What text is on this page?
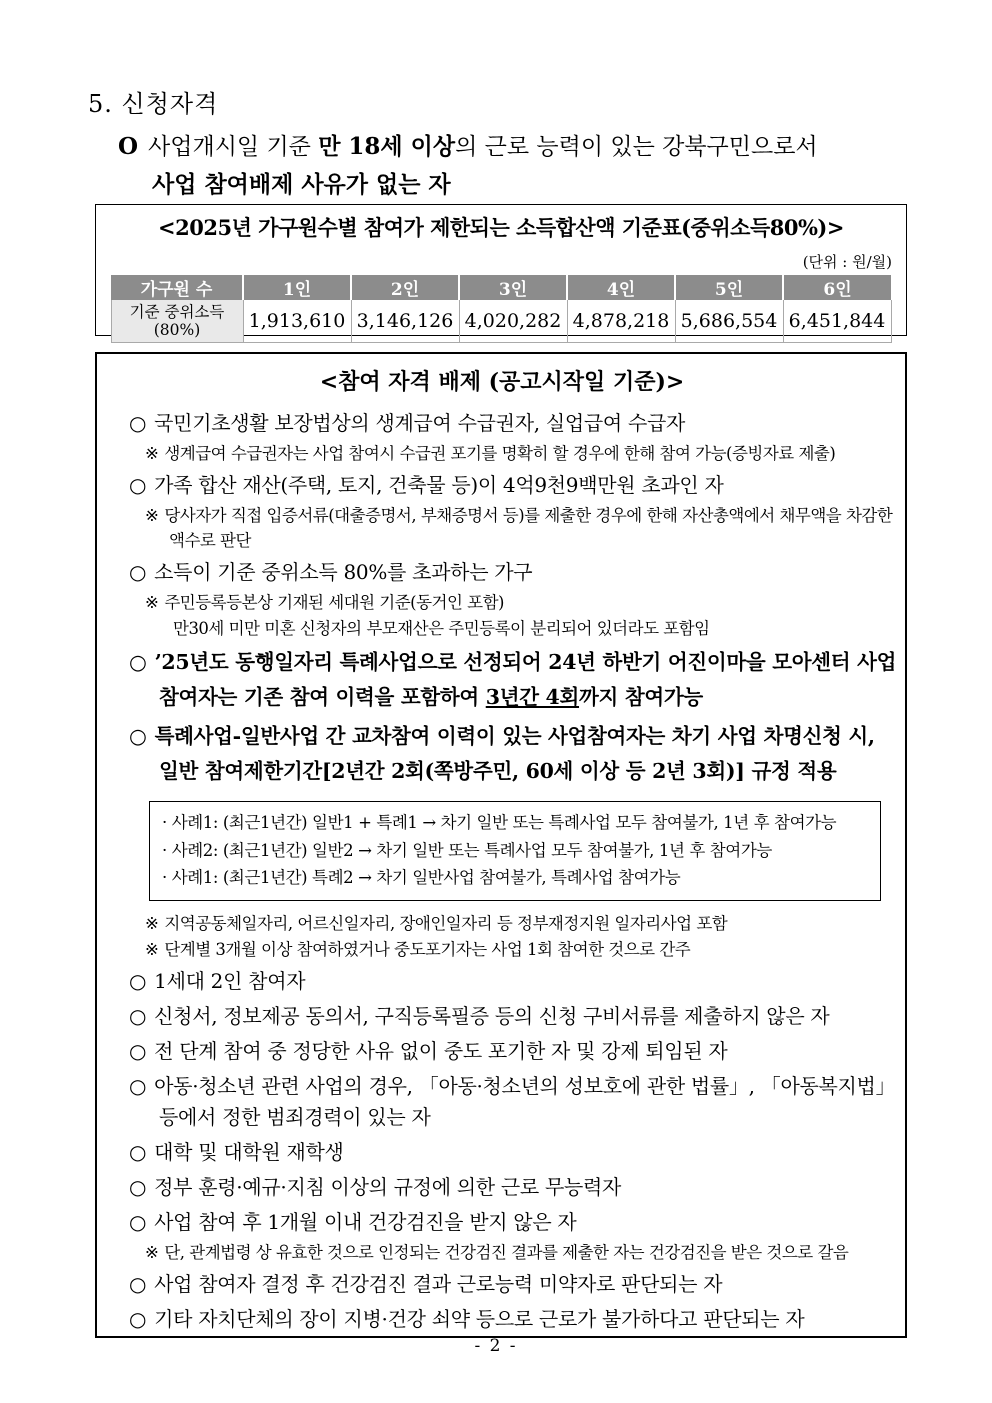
5. 신청자격
O 사업개시일 기준 만 18세 이상의 근로 능력이 있는 강북구민으로서
사업 참여배제 사유가 없는 자
<2025년 가구원수별 참여가 제한되는 소득합산액 기준표(중위소득80%)>
(단위 : 원/월)
가구원 수	1인	2인	3인	4인	5인	6인
기준 중위소득
(80%)	1,913,610	3,146,126	4,020,282	4,878,218	5,686,554	6,451,844
<참여 자격 배제 (공고시작일 기준)>
○ 국민기초생활 보장법상의 생계급여 수급권자, 실업급여 수급자
※ 생계급여 수급권자는 사업 참여시 수급권 포기를 명확히 할 경우에 한해 참여 가능(증빙자료 제출)
○ 가족 합산 재산(주택, 토지, 건축물 등)이 4억9천9백만원 초과인 자
※ 당사자가 직접 입증서류(대출증명서, 부채증명서 등)를 제출한 경우에 한해 자산총액에서 채무액을 차감한 액수로 판단
○ 소득이 기준 중위소득 80%를 초과하는 가구
※ 주민등록등본상 기재된 세대원 기준(동거인 포함)
만30세 미만 미혼 신청자의 부모재산은 주민등록이 분리되어 있더라도 포함임
○ ’25년도 동행일자리 특례사업으로 선정되어 24년 하반기 어진이마을 모아센터 사업 참여자는 기존 참여 이력을 포함하여 3년간 4회까지 참여가능
○ 특례사업-일반사업 간 교차참여 이력이 있는 사업참여자는 차기 사업 차명신청 시, 일반 참여제한기간[2년간 2회(쪽방주민, 60세 이상 등 2년 3회)] 규정 적용
· 사례1: (최근1년간) 일반1 + 특례1 → 차기 일반 또는 특례사업 모두 참여불가, 1년 후 참여가능
· 사례2: (최근1년간) 일반2 → 차기 일반 또는 특례사업 모두 참여불가, 1년 후 참여가능
· 사례1: (최근1년간) 특례2 → 차기 일반사업 참여불가, 특례사업 참여가능
※ 지역공동체일자리, 어르신일자리, 장애인일자리 등 정부재정지원 일자리사업 포함
※ 단계별 3개월 이상 참여하였거나 중도포기자는 사업 1회 참여한 것으로 간주
○ 1세대 2인 참여자
○ 신청서, 정보제공 동의서, 구직등록필증 등의 신청 구비서류를 제출하지 않은 자
○ 전 단계 참여 중 정당한 사유 없이 중도 포기한 자 및 강제 퇴임된 자
○ 아동·청소년 관련 사업의 경우, 「아동·청소년의 성보호에 관한 법률」, 「아동복지법」 등에서 정한 범죄경력이 있는 자
○ 대학 및 대학원 재학생
○ 정부 훈령·예규·지침 이상의 규정에 의한 근로 무능력자
○ 사업 참여 후 1개월 이내 건강검진을 받지 않은 자
※ 단, 관계법령 상 유효한 것으로 인정되는 건강검진 결과를 제출한 자는 건강검진을 받은 것으로 갈음
○ 사업 참여자 결정 후 건강검진 결과 근로능력 미약자로 판단되는 자
○ 기타 자치단체의 장이 지병·건강 쇠약 등으로 근로가 불가하다고 판단되는 자
- 2 -
